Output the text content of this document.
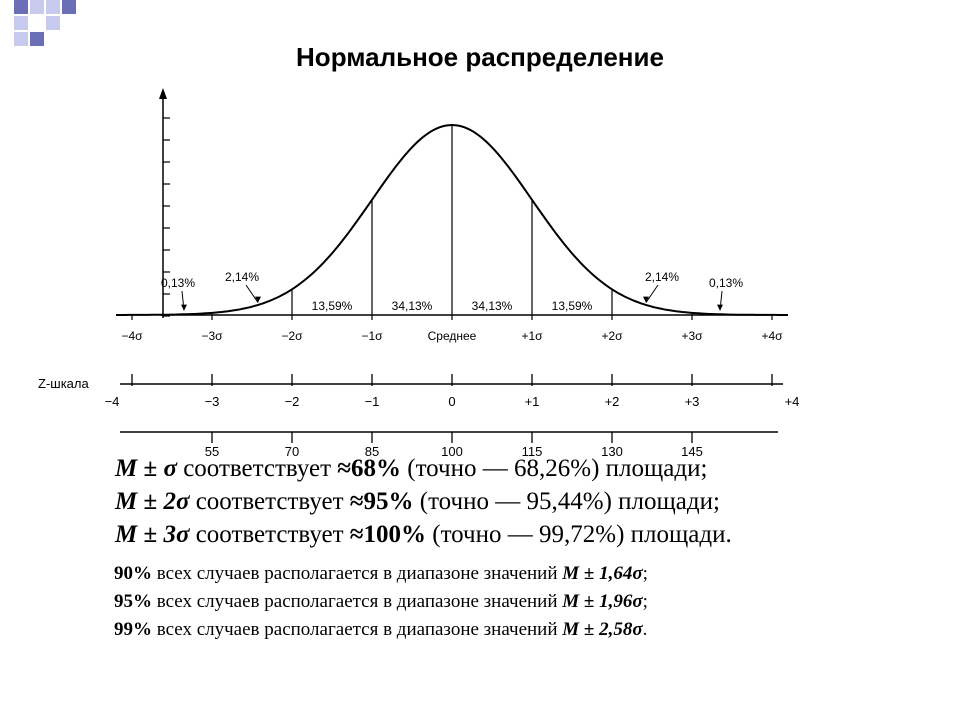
Нормальное распределение
−4σ	−3σ	−2σ	−1σ	Среднее	+1σ	+2σ	+3σ	+4σ
0,13% 2,14%
13,59%	34,13%	34,13%	13,59%
2,14% 0,13%
Z-шкала
−4	−3	−2	−1	0	+1	+2	+3	+4
55	70	85	100	115	130	145
M ± σ соответствует ≈68% (точно — 68,26%) площади;
M ± 2σ соответствует ≈95% (точно — 95,44%) площади;
M ± 3σ соответствует ≈100% (точно — 99,72%) площади.
90% всех случаев располагается в диапазоне значений M ± 1,64σ;
95% всех случаев располагается в диапазоне значений M ± 1,96σ;
99% всех случаев располагается в диапазоне значений M ± 2,58σ.
